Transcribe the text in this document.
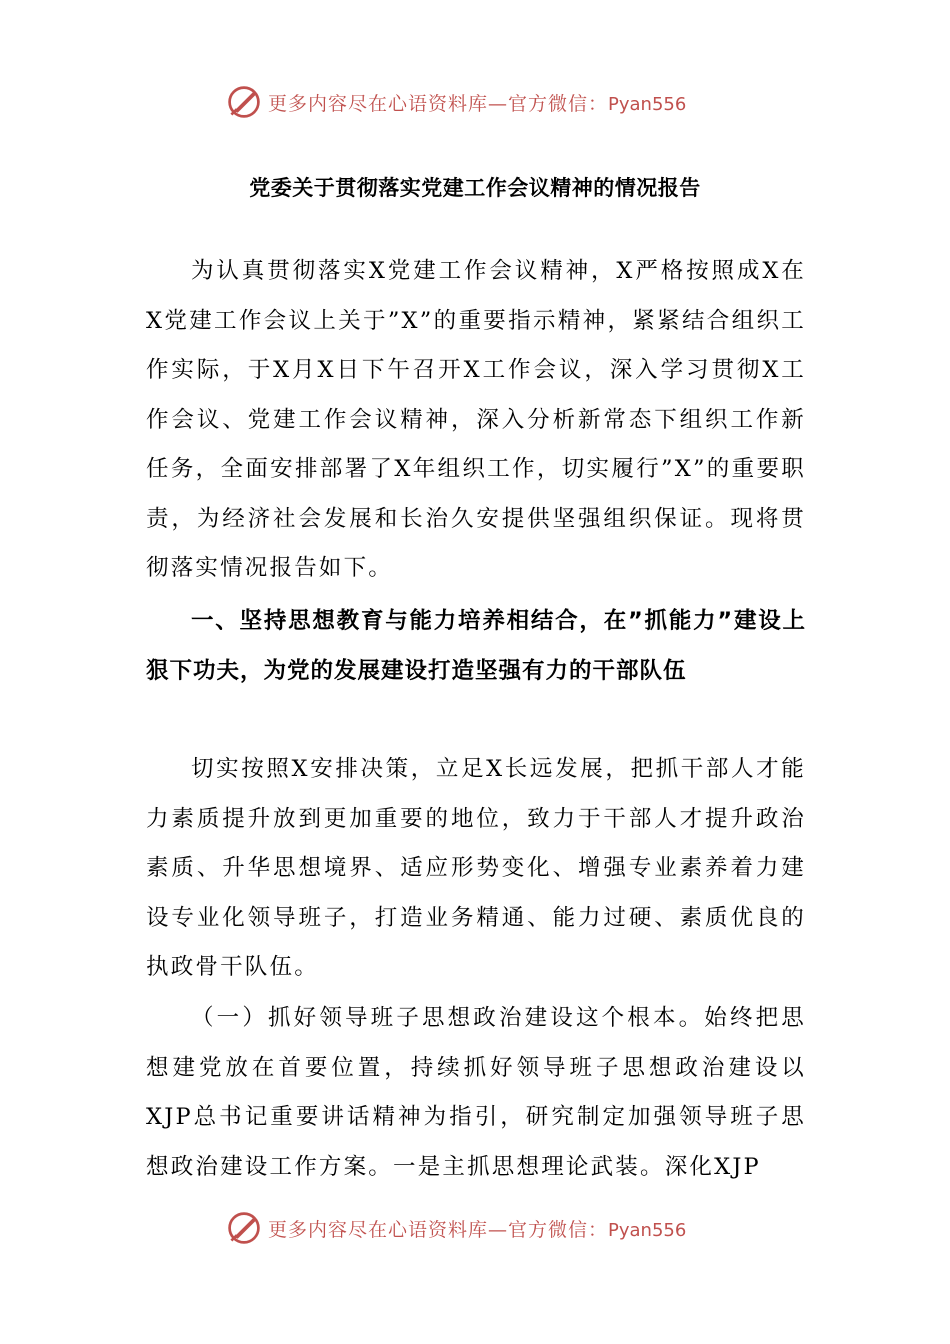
更多内容尽在心语资料库—官方微信：Pyan556
党委关于贯彻落实党建工作会议精神的情况报告

为认真贯彻落实X党建工作会议精神，X严格按照成X在X党建工作会议上关于”X”的重要指示精神，紧紧结合组织工作实际，于X月X日下午召开X工作会议，深入学习贯彻X工作会议、党建工作会议精神，深入分析新常态下组织工作新任务，全面安排部署了X年组织工作，切实履行”X”的重要职责，为经济社会发展和长治久安提供坚强组织保证。现将贯彻落实情况报告如下。

一、坚持思想教育与能力培养相结合，在”抓能力”建设上狠下功夫，为党的发展建设打造坚强有力的干部队伍

切实按照X安排决策，立足X长远发展，把抓干部人才能力素质提升放到更加重要的地位，致力于干部人才提升政治素质、升华思想境界、适应形势变化、增强专业素养着力建设专业化领导班子，打造业务精通、能力过硬、素质优良的执政骨干队伍。

（一）抓好领导班子思想政治建设这个根本。始终把思想建党放在首要位置，持续抓好领导班子思想政治建设以XJP总书记重要讲话精神为指引，研究制定加强领导班子思想政治建设工作方案。一是主抓思想理论武装。深化XJP

更多内容尽在心语资料库—官方微信：Pyan556
